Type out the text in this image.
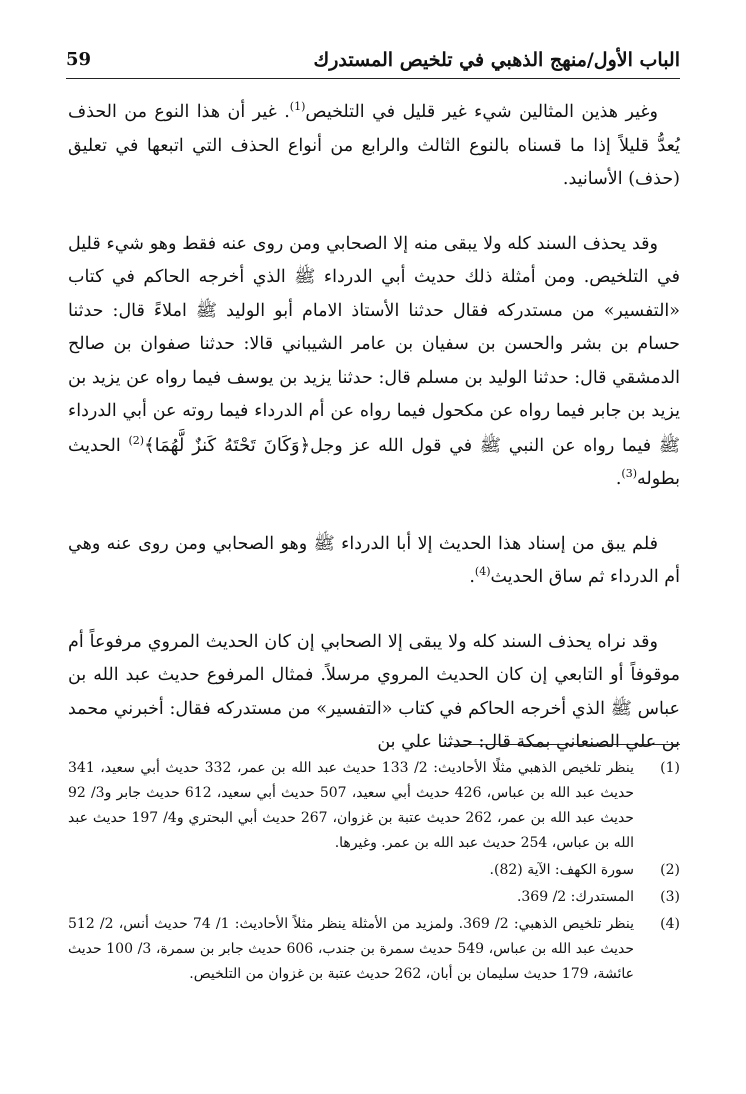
الباب الأول/منهج الذهبي في تلخيص المستدرك
59

وغير هذين المثالين شيء غير قليل في التلخيص$^{(1)}$. غير أن هذا النوع من الحذف يُعدُّ قليلاً إذا ما قسناه بالنوع الثالث والرابع من أنواع الحذف التي اتبعها في تعليق (حذف) الأسانيد.

وقد يحذف السند كله ولا يبقى منه إلا الصحابي ومن روى عنه فقط وهو شيء قليل في التلخيص. ومن أمثلة ذلك حديث أبي الدرداء ﷺ الذي أخرجه الحاكم في كتاب «التفسير» من مستدركه فقال حدثنا الأستاذ الامام أبو الوليد ﷺ املاءً قال: حدثنا حسام بن بشر والحسن بن سفيان بن عامر الشيباني قالا: حدثنا صفوان بن صالح الدمشقي قال: حدثنا الوليد بن مسلم قال: حدثنا يزيد بن يوسف فيما رواه عن يزيد بن يزيد بن جابر فيما رواه عن مكحول فيما رواه عن أم الدرداء فيما روته عن أبي الدرداء ﷺ فيما رواه عن النبي ﷺ في قول الله عز وجل﴿وَكَانَ تَحْتَهُ كَنزٌ لَّهُمَا﴾$^{(2)}$ الحديث بطوله$^{(3)}$.

فلم يبق من إسناد هذا الحديث إلا أبا الدرداء ﷺ وهو الصحابي ومن روى عنه وهي أم الدرداء ثم ساق الحديث$^{(4)}$.

وقد نراه يحذف السند كله ولا يبقى إلا الصحابي إن كان الحديث المروي مرفوعاً أم موقوفاً أو التابعي إن كان الحديث المروي مرسلاً. فمثال المرفوع حديث عبد الله بن عباس ﷺ الذي أخرجه الحاكم في كتاب «التفسير» من مستدركه فقال: أخبرني محمد بن علي الصنعاني بمكة قال: حدثنا علي بن

(1)
ينظر تلخيص الذهبي مثلًا الأحاديث: 2/ 133 حديث عبد الله بن عمر، 332 حديث أبي سعيد، 341 حديث عبد الله بن عباس، 426 حديث أبي سعيد، 507 حديث أبي سعيد، 612 حديث جابر و3/ 92 حديث عبد الله بن عمر، 262 حديث عتبة بن غزوان، 267 حديث أبي البحتري و4/ 197 حديث عبد الله بن عباس، 254 حديث عبد الله بن عمر. وغيرها.
(2)
سورة الكهف: الآية (82).
(3)
المستدرك: 2/ 369.
(4)
ينظر تلخيص الذهبي: 2/ 369. ولمزيد من الأمثلة ينظر مثلاً الأحاديث: 1/ 74 حديث أنس، 2/ 512 حديث عبد الله بن عباس، 549 حديث سمرة بن جندب، 606 حديث جابر بن سمرة، 3/ 100 حديث عائشة، 179 حديث سليمان بن أبان، 262 حديث عتبة بن غزوان من التلخيص.
